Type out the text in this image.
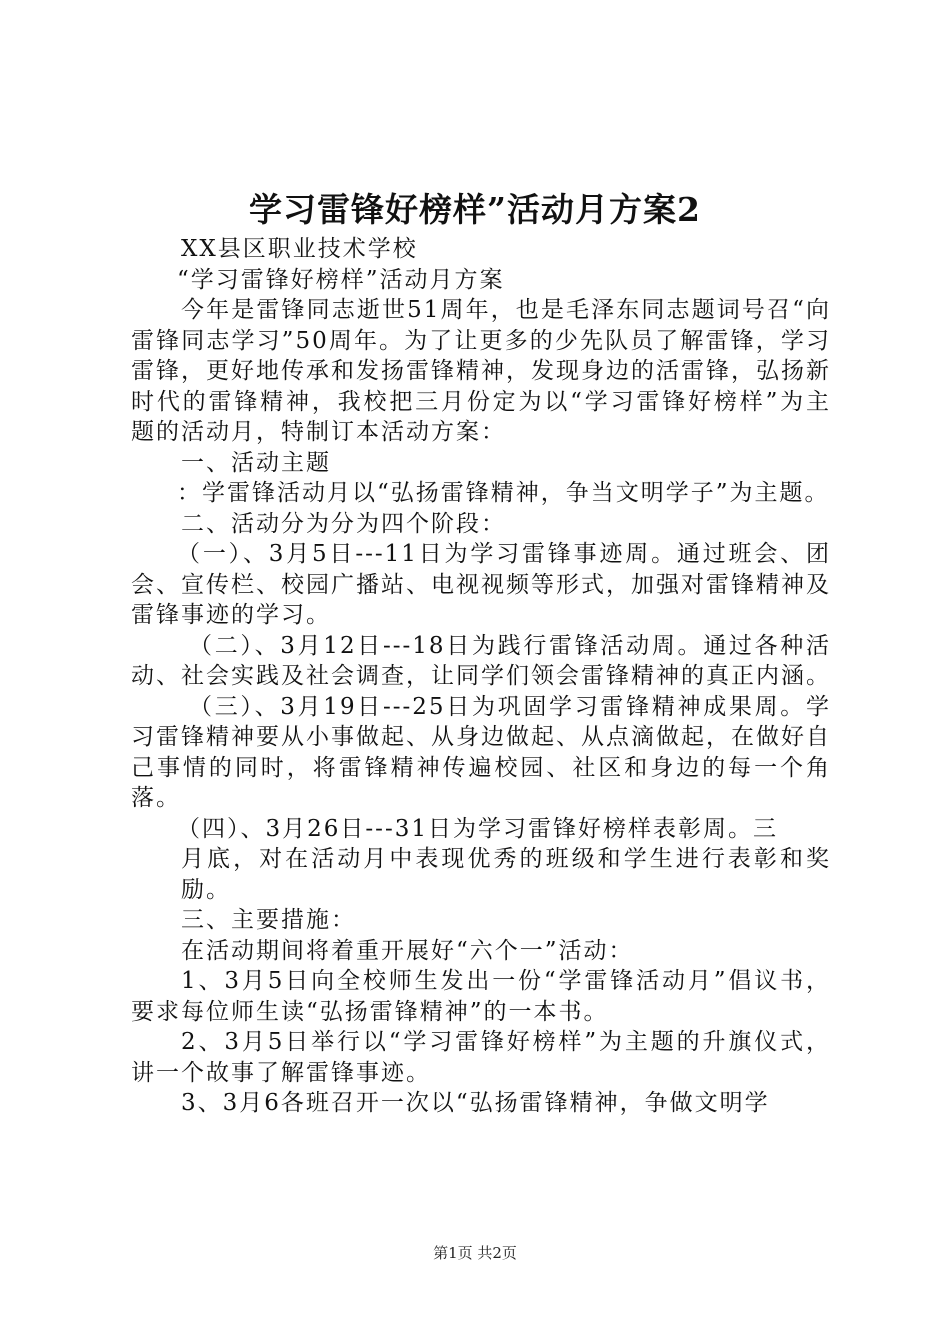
学习雷锋好榜样”活动月方案2

XX县区职业技术学校

“学习雷锋好榜样”活动月方案

今年是雷锋同志逝世51周年，也是毛泽东同志题词号召“向雷锋同志学习”50周年。为了让更多的少先队员了解雷锋，学习雷锋，更好地传承和发扬雷锋精神，发现身边的活雷锋，弘扬新时代的雷锋精神，我校把三月份定为以“学习雷锋好榜样”为主题的活动月，特制订本活动方案：

一、活动主题

：学雷锋活动月以“弘扬雷锋精神，争当文明学子”为主题。

二、活动分为分为四个阶段：

（一）、3月5日---11日为学习雷锋事迹周。通过班会、团会、宣传栏、校园广播站、电视视频等形式，加强对雷锋精神及雷锋事迹的学习。

（二）、3月12日---18日为践行雷锋活动周。通过各种活动、社会实践及社会调查，让同学们领会雷锋精神的真正内涵。

（三）、3月19日---25日为巩固学习雷锋精神成果周。学习雷锋精神要从小事做起、从身边做起、从点滴做起，在做好自己事情的同时，将雷锋精神传遍校园、社区和身边的每一个角落。

（四）、3月26日---31日为学习雷锋好榜样表彰周。三

月底，对在活动月中表现优秀的班级和学生进行表彰和奖励。

三、主要措施：

在活动期间将着重开展好“六个一”活动：

1、3月5日向全校师生发出一份“学雷锋活动月”倡议书，要求每位师生读“弘扬雷锋精神”的一本书。

2、3月5日举行以“学习雷锋好榜样”为主题的升旗仪式，讲一个故事了解雷锋事迹。

3、3月6各班召开一次以“弘扬雷锋精神，争做文明学

第1页 共2页
